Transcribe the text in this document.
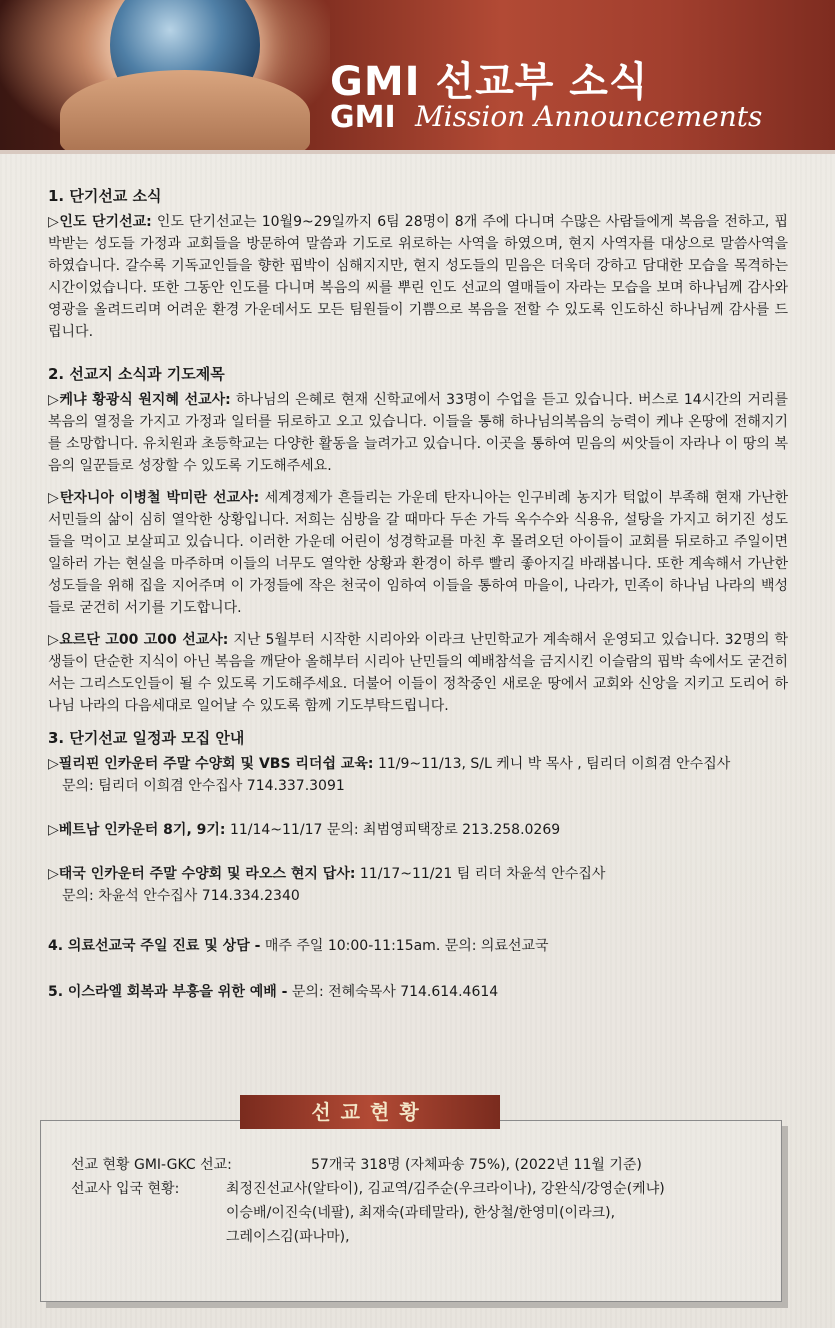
GMI 선교부 소식
GMI Mission Announcements
1. 단기선교 소식

▷인도 단기선교: 인도 단기선교는 10월9~29일까지 6팀 28명이 8개 주에 다니며 수많은 사람들에게 복음을 전하고, 핍박받는 성도들 가정과 교회들을 방문하여 말씀과 기도로 위로하는 사역을 하였으며, 현지 사역자를 대상으로 말씀사역을 하였습니다. 갈수록 기독교인들을 향한 핍박이 심해지지만, 현지 성도들의 믿음은 더욱더 강하고 담대한 모습을 목격하는 시간이었습니다. 또한 그동안 인도를 다니며 복음의 씨를 뿌린 인도 선교의 열매들이 자라는 모습을 보며 하나님께 감사와 영광을 올려드리며 어려운 환경 가운데서도 모든 팀원들이 기쁨으로 복음을 전할 수 있도록 인도하신 하나님께 감사를 드립니다.

2. 선교지 소식과 기도제목

▷케냐 황광식 원지혜 선교사: 하나님의 은혜로 현재 신학교에서 33명이 수업을 듣고 있습니다. 버스로 14시간의 거리를 복음의 열정을 가지고 가정과 일터를 뒤로하고 오고 있습니다. 이들을 통해 하나님의복음의 능력이 케냐 온땅에 전해지기를 소망합니다. 유치원과 초등학교는 다양한 활동을 늘려가고 있습니다. 이곳을 통하여 믿음의 씨앗들이 자라나 이 땅의 복음의 일꾼들로 성장할 수 있도록 기도해주세요.

▷탄자니아 이병철 박미란 선교사: 세계경제가 흔들리는 가운데 탄자니아는 인구비례 농지가 턱없이 부족해 현재 가난한 서민들의 삶이 심히 열악한 상황입니다. 저희는 심방을 갈 때마다 두손 가득 옥수수와 식용유, 설탕을 가지고 허기진 성도들을 먹이고 보살피고 있습니다. 이러한 가운데 어린이 성경학교를 마친 후 몰려오던 아이들이 교회를 뒤로하고 주일이면 일하러 가는 현실을 마주하며 이들의 너무도 열악한 상황과 환경이 하루 빨리 좋아지길 바래봅니다. 또한 계속해서 가난한 성도들을 위해 집을 지어주며 이 가정들에 작은 천국이 임하여 이들을 통하여 마을이, 나라가, 민족이 하나님 나라의 백성들로 굳건히 서기를 기도합니다.

▷요르단 고00 고00 선교사: 지난 5월부터 시작한 시리아와 이라크 난민학교가 계속해서 운영되고 있습니다. 32명의 학생들이 단순한 지식이 아닌 복음을 깨닫아 올해부터 시리아 난민들의 예배참석을 금지시킨 이슬람의 핍박 속에서도 굳건히 서는 그리스도인들이 될 수 있도록 기도해주세요. 더불어 이들이 정착중인 새로운 땅에서 교회와 신앙을 지키고 도리어 하나님 나라의 다음세대로 일어날 수 있도록 함께 기도부탁드립니다.

3. 단기선교 일정과 모집 안내

▷필리핀 인카운터 주말 수양회 및 VBS 리더쉽 교육: 11/9~11/13, S/L 케니 박 목사 , 팀리더 이희겸 안수집사

문의: 팀리더 이희겸 안수집사 714.337.3091

▷베트남 인카운터 8기, 9기: 11/14~11/17 문의: 최범영피택장로 213.258.0269

▷태국 인카운터 주말 수양회 및 라오스 현지 답사: 11/17~11/21 팀 리더 차윤석 안수집사

문의: 차윤석 안수집사 714.334.2340

4. 의료선교국 주일 진료 및 상담 - 매주 주일 10:00-11:15am. 문의: 의료선교국

5. 이스라엘 회복과 부흥을 위한 예배 - 문의: 전혜숙목사 714.614.4614

선교 현황 GMI-GKC 선교:	57개국 318명 (자체파송 75%), (2022년 11월 기준)
선교사 입국 현황:	최정진선교사(알타이), 김교역/김주순(우크라이나), 강완식/강영순(케냐)
이승배/이진숙(네팔), 최재숙(과테말라), 한상철/한영미(이라크),
그레이스김(파나마),
선교현황
